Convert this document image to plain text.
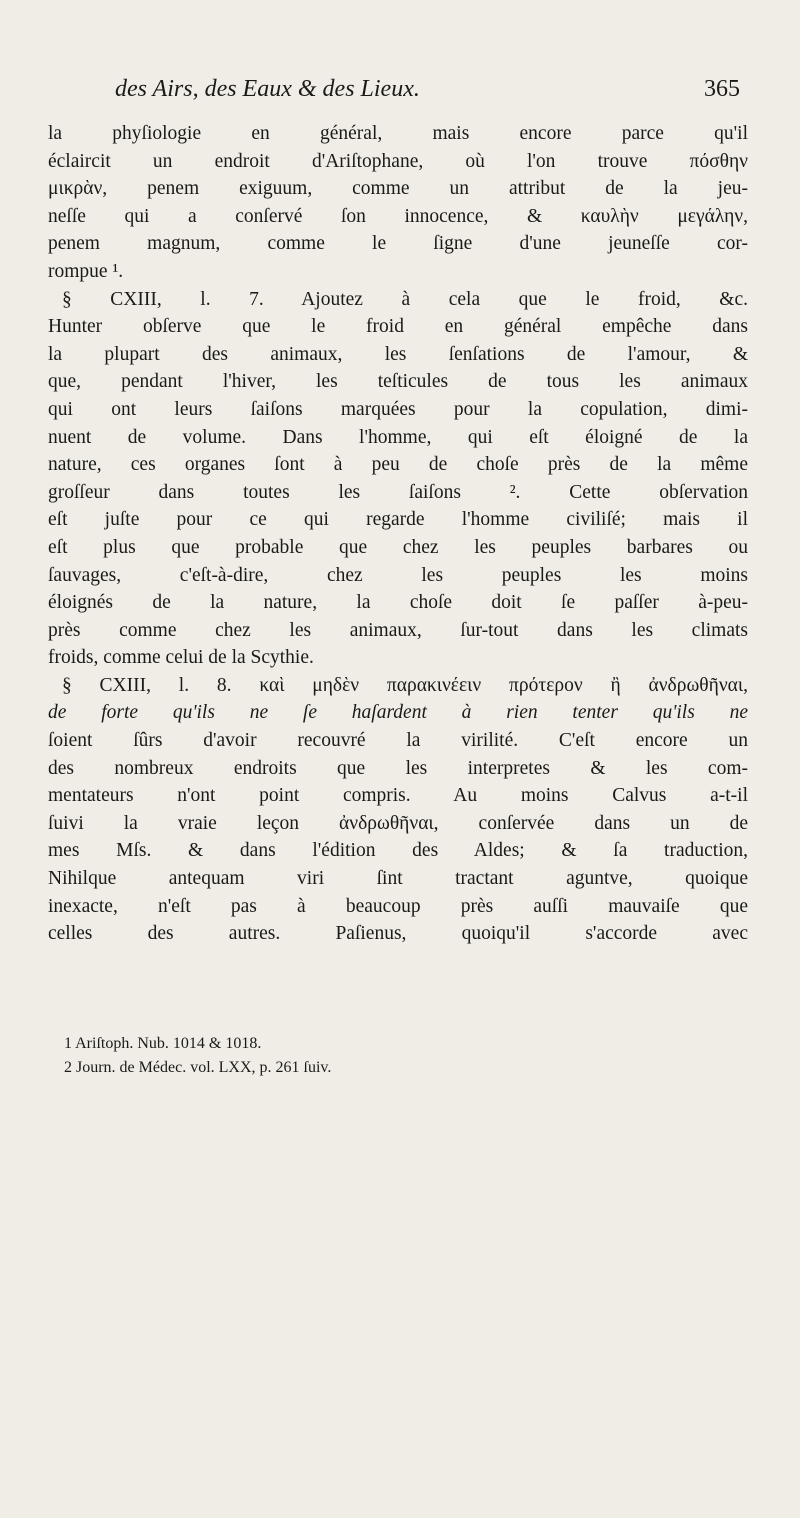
des Airs, des Eaux & des Lieux.	365
la phyſiologie en général, mais encore parce qu'il
éclaircit un endroit d'Ariſtophane, où l'on trouve πόσθην
μικρὰν, penem exiguum, comme un attribut de la jeu-
neſſe qui a conſervé ſon innocence, & καυλὴν μεγάλην,
penem magnum, comme le ſigne d'une jeuneſſe cor-
rompue ¹.
§ CXIII, l. 7. Ajoutez à cela que le froid, &c.
Hunter obſerve que le froid en général empêche dans
la plupart des animaux, les ſenſations de l'amour, &
que, pendant l'hiver, les teſticules de tous les animaux
qui ont leurs ſaiſons marquées pour la copulation, dimi-
nuent de volume. Dans l'homme, qui eſt éloigné de la
nature, ces organes ſont à peu de choſe près de la même
groſſeur dans toutes les ſaiſons ². Cette obſervation
eſt juſte pour ce qui regarde l'homme civiliſé; mais il
eſt plus que probable que chez les peuples barbares ou
ſauvages, c'eſt-à-dire, chez les peuples les moins
éloignés de la nature, la choſe doit ſe paſſer à-peu-
près comme chez les animaux, ſur-tout dans les climats
froids, comme celui de la Scythie.
§ CXIII, l. 8. καὶ μηδὲν παρακινέειν πρότερον ἢ ἀνδρωθῆναι,
de forte qu'ils ne ſe haſardent à rien tenter qu'ils ne
ſoient ſûrs d'avoir recouvré la virilité. C'eſt encore un
des nombreux endroits que les interpretes & les com-
mentateurs n'ont point compris. Au moins Calvus a-t-il
ſuivi la vraie leçon ἀνδρωθῆναι, conſervée dans un de
mes Mſs. & dans l'édition des Aldes; & ſa traduction,
Nihilque antequam viri ſint tractant aguntve, quoique
inexacte, n'eſt pas à beaucoup près auſſi mauvaiſe que
celles des autres. Paſienus, quoiqu'il s'accorde avec
1 Ariſtoph. Nub. 1014 & 1018.
2 Journ. de Médec. vol. LXX, p. 261 ſuiv.
